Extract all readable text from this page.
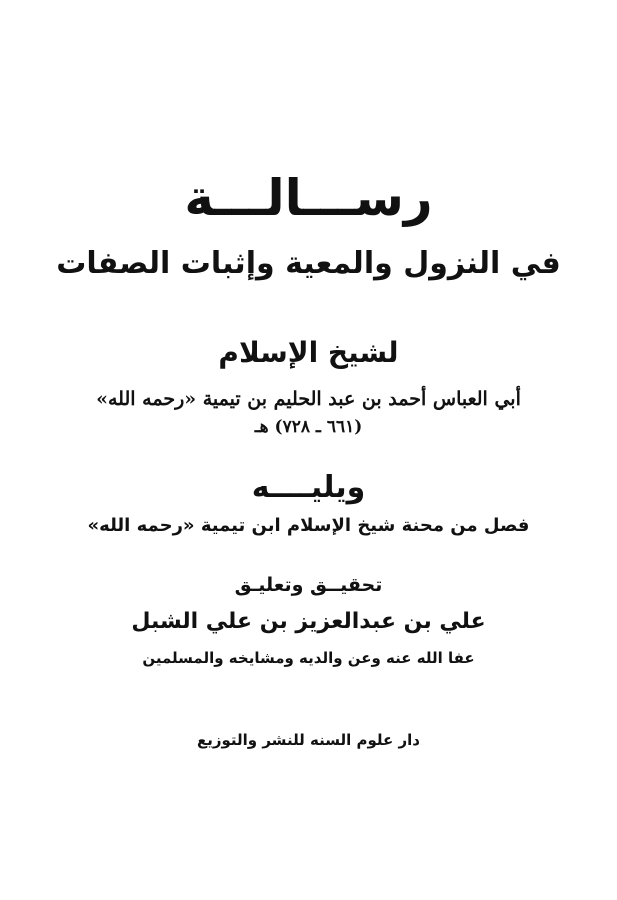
رســـالـــة
في النزول والمعية وإثبات الصفات
لشيخ الإسلام
أبي العباس أحمد بن عبد الحليم بن تيمية «رحمه الله»
(٦٦١ ـ ٧٢٨) هـ
ويليــــه
فصل من محنة شيخ الإسلام ابن تيمية «رحمه الله»
تحقيــق وتعليـق
علي بن عبدالعزيز بن علي الشبل
عفا الله عنه وعن والديه ومشايخه والمسلمين
دار علوم السنه للنشر والتوزيع
